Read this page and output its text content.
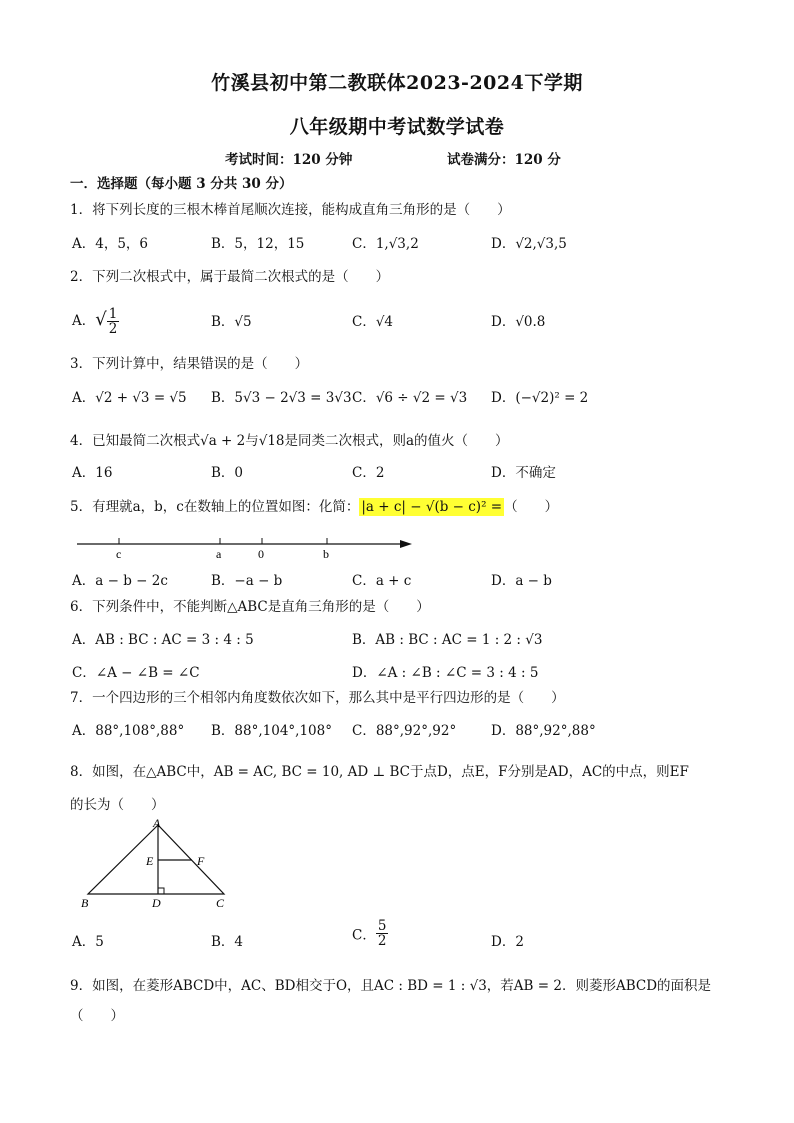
竹溪县初中第二教联体2023-2024下学期
八年级期中考试数学试卷
考试时间：120 分钟	试卷满分：120 分
一．选择题（每小题 3 分共 30 分）
1．将下列长度的三根木棒首尾顺次连接，能构成直角三角形的是（　　）
A．4，5，6	B．5，12，15	C．1,√3,2	D．√2,√3,5
2．下列二次根式中，属于最简二次根式的是（　　）
A．√ $\frac{1}{2}$	B．√5	C．√4	D．√0.8
3．下列计算中，结果错误的是（　　）
A．√2 + √3 = √5 B．5√3 − 2√3 = 3√3 C．√6 ÷ √2 = √3 D．(−√2)² = 2
4．已知最简二次根式√a + 2与√18是同类二次根式，则a的值火（　　）
A．16	B．0	C．2	D．不确定
5．有理就a，b，c在数轴上的位置如图：化简： |a + c| − √(b − c)² = （　　）
c	a	0	b
A．a − b − 2c	B．−a − b	C．a + c	D．a − b
6．下列条件中，不能判断△ABC是直角三角形的是（　　）
A．AB : BC : AC = 3 : 4 : 5	B．AB : BC : AC = 1 : 2 : √3
C．∠A − ∠B = ∠C	D．∠A : ∠B : ∠C = 3 : 4 : 5
7．一个四边形的三个相邻内角度数依次如下，那么其中是平行四边形的是（　　）
A．88°,108°,88° B．88°,104°,108° C．88°,92°,92°	D．88°,92°,88°
8．如图，在△ABC中，AB = AC, BC = 10, AD ⊥ BC于点D，点E，F分别是AD，AC的中点，则EF
的长为（　　）
A
E	F
B	D	C
A．5	B．4	C． $\frac{5}{2}$	D．2
9．如图，在菱形ABCD中，AC、BD相交于O，且AC : BD = 1 : √3，若AB = 2．则菱形ABCD的面积是
（　　）
